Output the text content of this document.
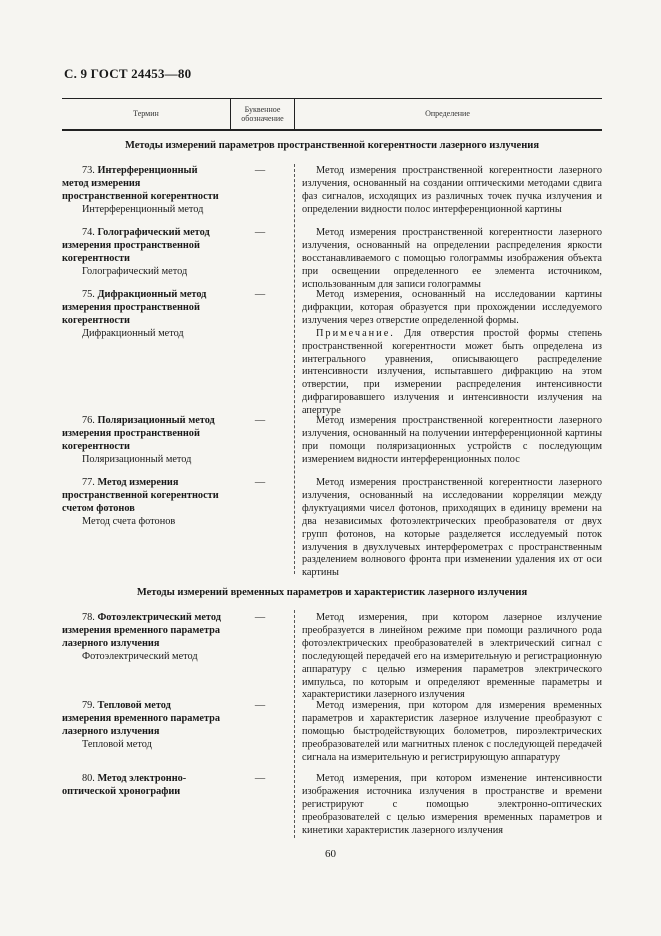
С. 9 ГОСТ 24453—80
Термин
Буквенное обозначение
Определение
Методы измерений параметров пространственной когерентности лазерного излучения
73. Интерференционный метод измерения пространственной когерентности
Интерференционный метод
—	Метод измерения пространственной когерентности лазерного излучения, основанный на создании оптическими методами сдвига фаз сигналов, исходящих из различных точек пучка излучения и определении видности полос интерференционной картины

74. Голографический метод измерения пространственной когерентности
Голографический метод
—	Метод измерения пространственной когерентности лазерного излучения, основанный на определении распределения яркости восстанавливаемого с помощью голограммы изображения объекта при освещении определенного ее элемента источником, использованным для записи голограммы

75. Дифракционный метод измерения пространственной когерентности
Дифракционный метод
—	Метод измерения, основанный на исследовании картины дифракции, которая образуется при прохождении исследуемого излучения через отверстие определенной формы.

Примечание. Для отверстия простой формы степень пространственной когерентности может быть определена из интегрального уравнения, описывающего распределение интенсивности излучения, испытавшего дифракцию на этом отверстии, при измерении распределения интенсивности дифрагировавшего излучения и интенсивности излучения на апертуре

76. Поляризационный метод измерения пространственной когерентности
Поляризационный метод
—	Метод измерения пространственной когерентности лазерного излучения, основанный на получении интерференционной картины при помощи поляризационных устройств с последующим измерением видности интерференционных полос

77. Метод измерения пространственной когерентности счетом фотонов
Метод счета фотонов
—	Метод измерения пространственной когерентности лазерного излучения, основанный на исследовании корреляции между флуктуациями чисел фотонов, приходящих в единицу времени на два независимых фотоэлектрических преобразователя от двух групп фотонов, на которые разделяется исследуемый поток излучения в двухлучевых интерферометрах с пространственным разделением волнового фронта при изменении удаления их от оси картины

Методы измерений временных параметров и характеристик лазерного излучения
78. Фотоэлектрический метод измерения временного параметра лазерного излучения
Фотоэлектрический метод
—	Метод измерения, при котором лазерное излучение преобразуется в линейном режиме при помощи различного рода фотоэлектрических преобразователей в электрический сигнал с последующей передачей его на измерительную и регистрационную аппаратуру с целью измерения параметров электрического импульса, по которым и определяют временные параметры и характеристики лазерного излучения

79. Тепловой метод измерения временного параметра лазерного излучения
Тепловой метод
—	Метод измерения, при котором для измерения временных параметров и характеристик лазерное излучение преобразуют с помощью быстродействующих болометров, пироэлектрических преобразователей или магнитных пленок с последующей передачей сигнала на измерительную и регистрирующую аппаратуру

80. Метод электронно-оптической хронографии
—	Метод измерения, при котором изменение интенсивности изображения источника излучения в пространстве и времени регистрируют с помощью электронно-оптических преобразователей с целью измерения временных параметров и кинетики характеристик лазерного излучения

60
